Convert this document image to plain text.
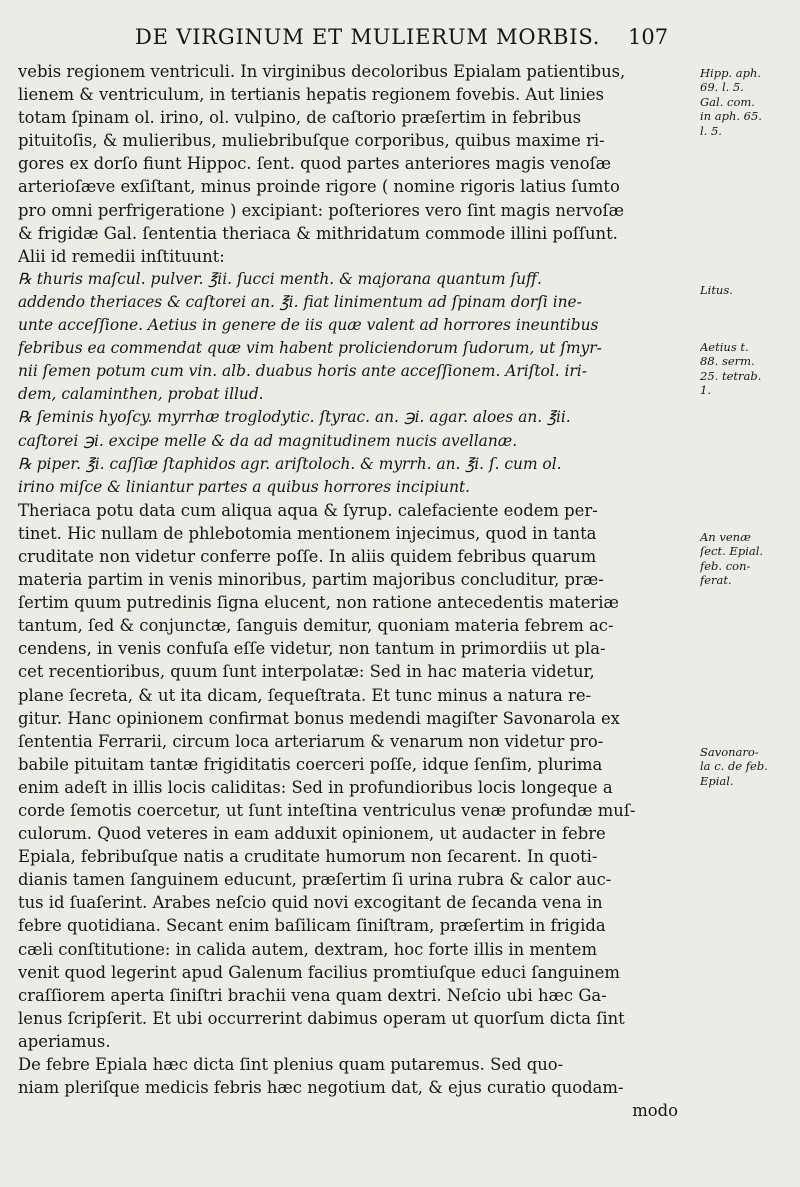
DE VIRGINUM ET MULIERUM MORBIS. 107
vebis regionem ventriculi. In virginibus decoloribus Epialam patientibus,
lienem & ventriculum, in tertianis hepatis regionem fovebis. Aut linies
totam ſpinam ol. irino, ol. vulpino, de caſtorio præſertim in febribus
pituitoſis, & mulieribus, muliebribuſque corporibus, quibus maxime ri-
gores ex dorſo fiunt Hippoc. ſent. quod partes anteriores magis venoſæ
arterioſæve exſiſtant, minus proinde rigore ( nomine rigoris latius ſumto
pro omni perfrigeratione ) excipiant: poſteriores vero ſint magis nervoſæ
& frigidæ Gal. ſententia theriaca & mithridatum commode illini poſſunt.
Alii id remedii inſtituunt:
℞ thuris maſcul. pulver. ℥ii. ſucci menth. & majorana quantum ſuff.
addendo theriaces & caſtorei an. ℥i. fiat linimentum ad ſpinam dorſi ine-
unte acceſſione. Aetius in genere de iis quæ valent ad horrores ineuntibus
febribus ea commendat quæ vim habent proliciendorum ſudorum, ut ſmyr-
nii ſemen potum cum vin. alb. duabus horis ante acceſſionem. Ariſtol. iri-
dem, calaminthen, probat illud.
℞ ſeminis hyoſcy. myrrhæ troglodytic. ſtyrac. an. ℈i. agar. aloes an. ℥ii.
caſtorei ℈i. excipe melle & da ad magnitudinem nucis avellanæ.
℞ piper. ℥i. caſſiæ ſtaphidos agr. ariſtoloch. & myrrh. an. ℥i. ſ. cum ol.
irino miſce & liniantur partes a quibus horrores incipiunt.
Theriaca potu data cum aliqua aqua & ſyrup. calefaciente eodem per-
tinet. Hic nullam de phlebotomia mentionem injecimus, quod in tanta
cruditate non videtur conferre poſſe. In aliis quidem febribus quarum
materia partim in venis minoribus, partim majoribus concluditur, præ-
ſertim quum putredinis ſigna elucent, non ratione antecedentis materiæ
tantum, ſed & conjunctæ, ſanguis demitur, quoniam materia febrem ac-
cendens, in venis confuſa eſſe videtur, non tantum in primordiis ut pla-
cet recentioribus, quum ſunt interpolatæ: Sed in hac materia videtur,
plane ſecreta, & ut ita dicam, ſequeſtrata. Et tunc minus a natura re-
gitur. Hanc opinionem confirmat bonus medendi magiſter Savonarola ex
ſententia Ferrarii, circum loca arteriarum & venarum non videtur pro-
babile pituitam tantæ frigiditatis coerceri poſſe, idque ſenſim, plurima
enim adeſt in illis locis caliditas: Sed in profundioribus locis longeque a
corde ſemotis coercetur, ut ſunt inteſtina ventriculus venæ profundæ muſ-
culorum. Quod veteres in eam adduxit opinionem, ut audacter in febre
Epiala, febribuſque natis a cruditate humorum non ſecarent. In quoti-
dianis tamen ſanguinem educunt, præſertim ſi urina rubra & calor auc-
tus id ſuaſerint. Arabes neſcio quid novi excogitant de ſecanda vena in
febre quotidiana. Secant enim baſilicam ſiniſtram, præſertim in frigida
cæli conſtitutione: in calida autem, dextram, hoc forte illis in mentem
venit quod legerint apud Galenum facilius promtiuſque educi ſanguinem
craſſiorem aperta ſiniſtri brachii vena quam dextri. Neſcio ubi hæc Ga-
lenus ſcripſerit. Et ubi occurrerint dabimus operam ut quorſum dicta ſint
aperiamus.
De febre Epiala hæc dicta ſint plenius quam putaremus. Sed quo-
niam pleriſque medicis febris hæc negotium dat, & ejus curatio quodam-
modo
Hipp. aph.
69. l. 5.
Gal. com.
in aph. 65.
l. 5.
Litus.
Aetius t.
88. serm.
25. tetrab.
1.
An venæ
ſect. Epial.
feb. con-
ferat.
Savonaro-
la c. de feb.
Epial.
